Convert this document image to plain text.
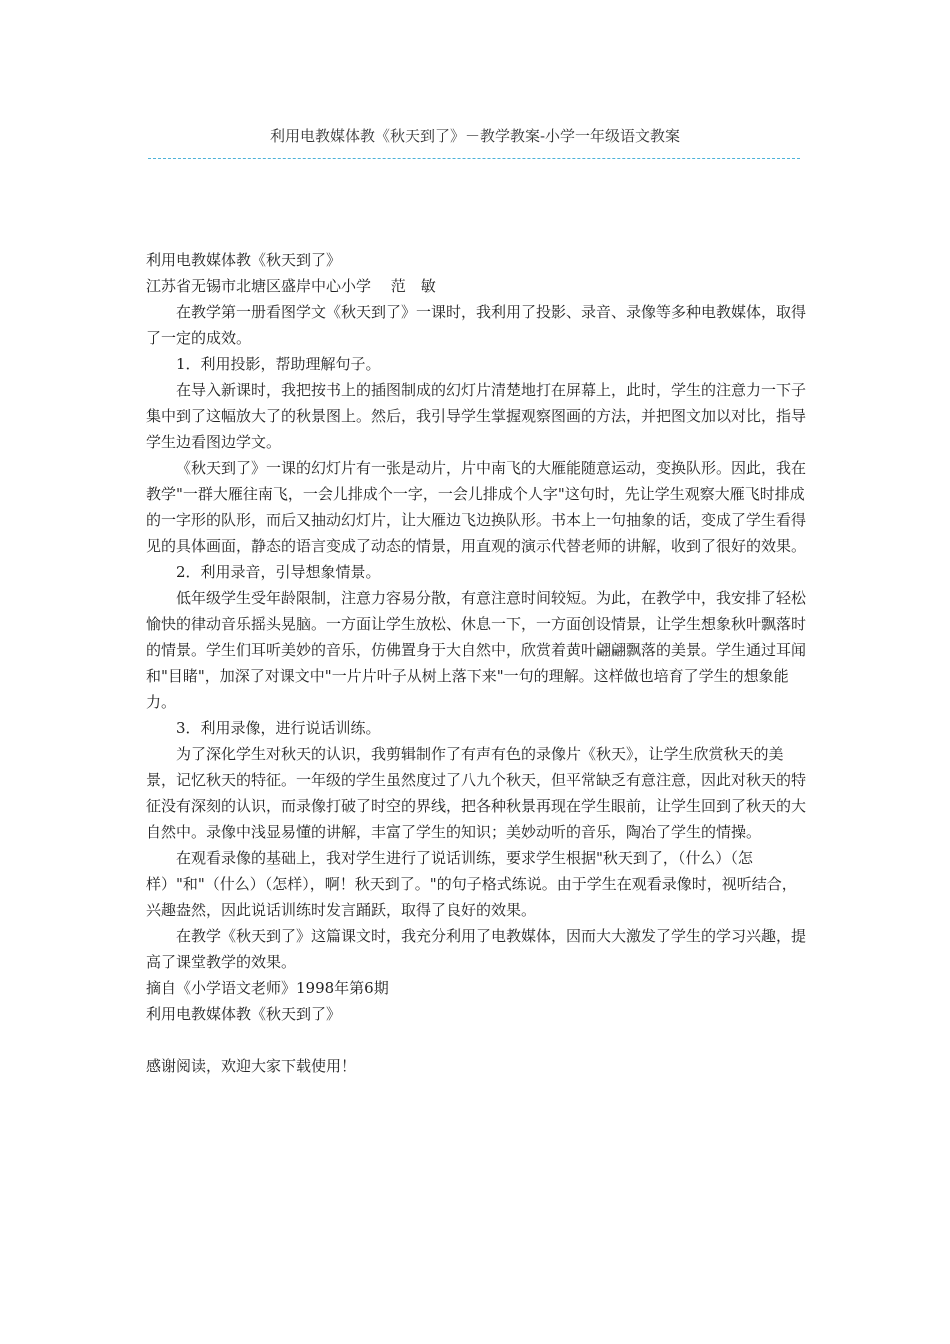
利用电教媒体教《秋天到了》－教学教案-小学一年级语文教案

利用电教媒体教《秋天到了》

江苏省无锡市北塘区盛岸中心小学　 范　敏

在教学第一册看图学文《秋天到了》一课时，我利用了投影、录音、录像等多种电教媒体，取得了一定的成效。

1．利用投影，帮助理解句子。

在导入新课时，我把按书上的插图制成的幻灯片清楚地打在屏幕上，此时，学生的注意力一下子集中到了这幅放大了的秋景图上。然后，我引导学生掌握观察图画的方法，并把图文加以对比，指导学生边看图边学文。

《秋天到了》一课的幻灯片有一张是动片，片中南飞的大雁能随意运动，变换队形。因此，我在教学"一群大雁往南飞，一会儿排成个一字，一会儿排成个人字"这句时，先让学生观察大雁飞时排成的一字形的队形，而后又抽动幻灯片，让大雁边飞边换队形。书本上一句抽象的话，变成了学生看得见的具体画面，静态的语言变成了动态的情景，用直观的演示代替老师的讲解，收到了很好的效果。

2．利用录音，引导想象情景。

低年级学生受年龄限制，注意力容易分散，有意注意时间较短。为此，在教学中，我安排了轻松愉快的律动音乐摇头晃脑。一方面让学生放松、休息一下，一方面创设情景，让学生想象秋叶飘落时的情景。学生们耳听美妙的音乐，仿佛置身于大自然中，欣赏着黄叶翩翩飘落的美景。学生通过耳闻和"目睹"，加深了对课文中"一片片叶子从树上落下来"一句的理解。这样做也培育了学生的想象能力。

3．利用录像，进行说话训练。

为了深化学生对秋天的认识，我剪辑制作了有声有色的录像片《秋天》，让学生欣赏秋天的美景，记忆秋天的特征。一年级的学生虽然度过了八九个秋天，但平常缺乏有意注意，因此对秋天的特征没有深刻的认识，而录像打破了时空的界线，把各种秋景再现在学生眼前，让学生回到了秋天的大自然中。录像中浅显易懂的讲解，丰富了学生的知识；美妙动听的音乐，陶冶了学生的情操。

在观看录像的基础上，我对学生进行了说话训练，要求学生根据"秋天到了，（什么）（怎样）"和"（什么）（怎样），啊！秋天到了。"的句子格式练说。由于学生在观看录像时，视听结合，兴趣盎然，因此说话训练时发言踊跃，取得了良好的效果。

在教学《秋天到了》这篇课文时，我充分利用了电教媒体，因而大大激发了学生的学习兴趣，提高了课堂教学的效果。

摘自《小学语文老师》1998年第6期

利用电教媒体教《秋天到了》

感谢阅读，欢迎大家下载使用！
